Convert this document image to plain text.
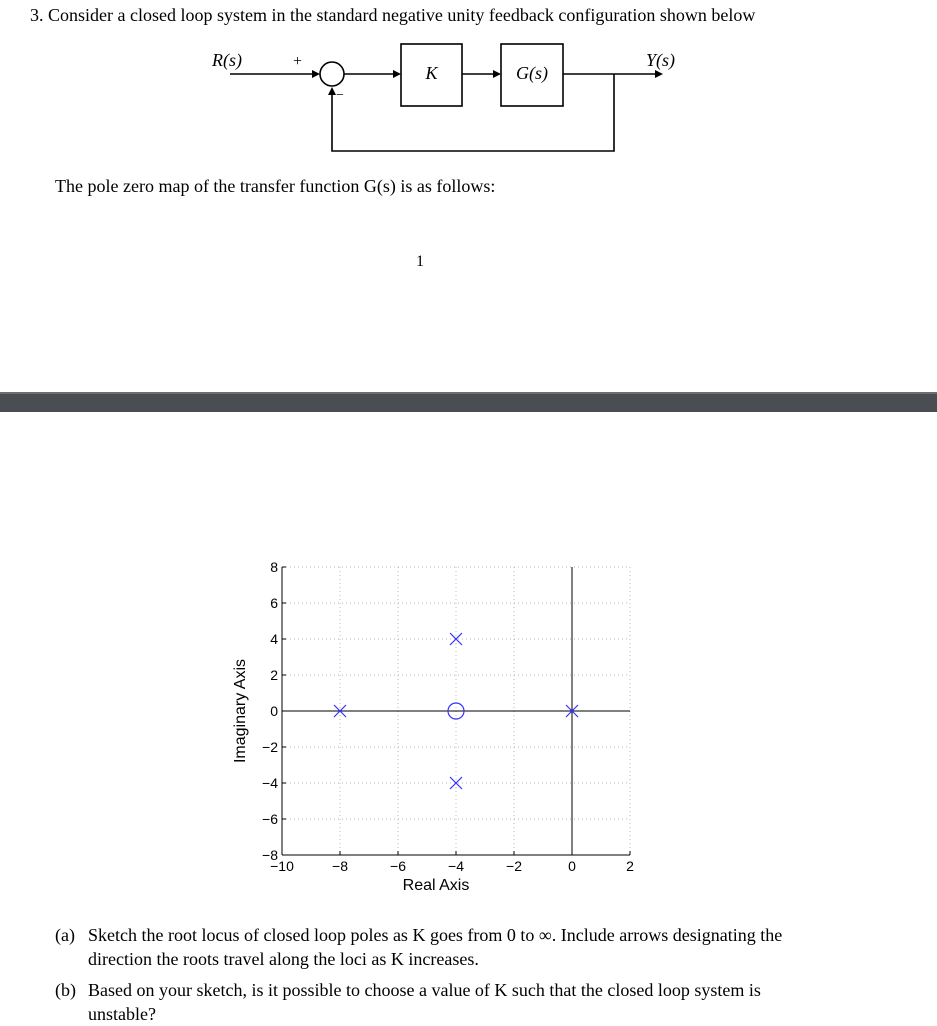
3. Consider a closed loop system in the standard negative unity feedback configuration shown below
R(s)	+
−
K	G(s)
Y(s)
The pole zero map of the transfer function G(s) is as follows:
1
−10	−8	−6	−4	−2	0	2
8
6
4
2
0
−2
−4
−6
−8
Real Axis
Imaginary Axis
(a) Sketch the root locus of closed loop poles as K goes from 0 to ∞. Include arrows designating the
direction the roots travel along the loci as K increases.
(b) Based on your sketch, is it possible to choose a value of K such that the closed loop system is
unstable?
